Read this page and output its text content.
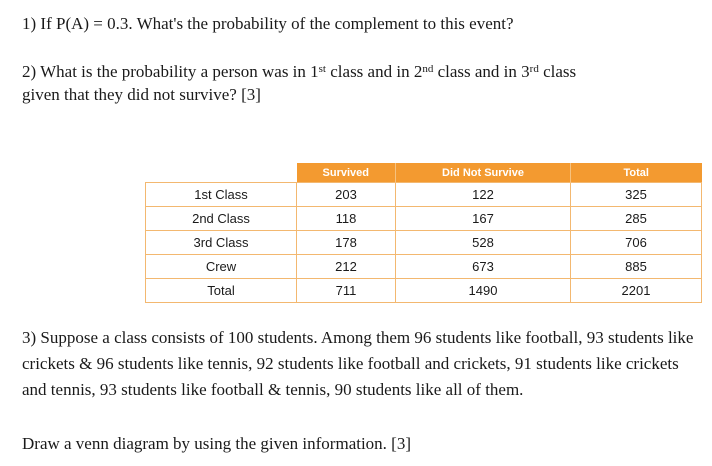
1) If P(A) = 0.3. What's the probability of the complement to this event?

2) What is the probability a person was in 1st class and in 2nd class and in 3rd class
given that they did not survive? [3]

	Survived	Did Not Survive	Total
1st Class	203	122	325
2nd Class	118	167	285
3rd Class	178	528	706
Crew	212	673	885
Total	711	1490	2201

3) Suppose a class consists of 100 students. Among them 96 students like football, 93 students like crickets & 96 students like tennis, 92 students like football and crickets, 91 students like crickets and tennis, 93 students like football & tennis, 90 students like all of them.

Draw a venn diagram by using the given information. [3]
